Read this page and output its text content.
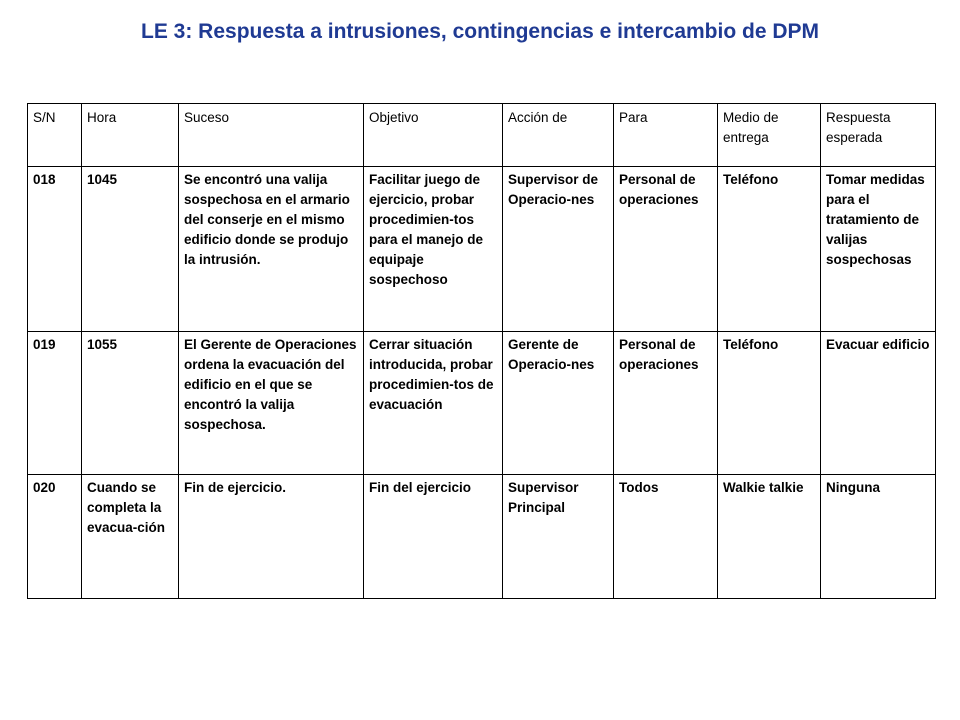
LE 3: Respuesta a intrusiones, contingencias e intercambio de DPM
S/N	Hora	Suceso	Objetivo	Acción de	Para	Medio de entrega	Respuesta esperada
018	1045	Se encontró una valija sospechosa en el armario del conserje en el mismo edificio donde se produjo la intrusión.	Facilitar juego de ejercicio, probar procedimien-tos para el manejo de equipaje sospechoso	Supervisor de Operacio-nes	Personal de operaciones	Teléfono	Tomar medidas para el tratamiento de valijas sospechosas
019	1055	El Gerente de Operaciones ordena la evacuación del edificio en el que se encontró la valija sospechosa.	Cerrar situación introducida, probar procedimien-tos de evacuación	Gerente de Operacio-nes	Personal de operaciones	Teléfono	Evacuar edificio
020	Cuando se completa la evacua-ción	Fin de ejercicio.	Fin del ejercicio	Supervisor Principal	Todos	Walkie talkie	Ninguna
